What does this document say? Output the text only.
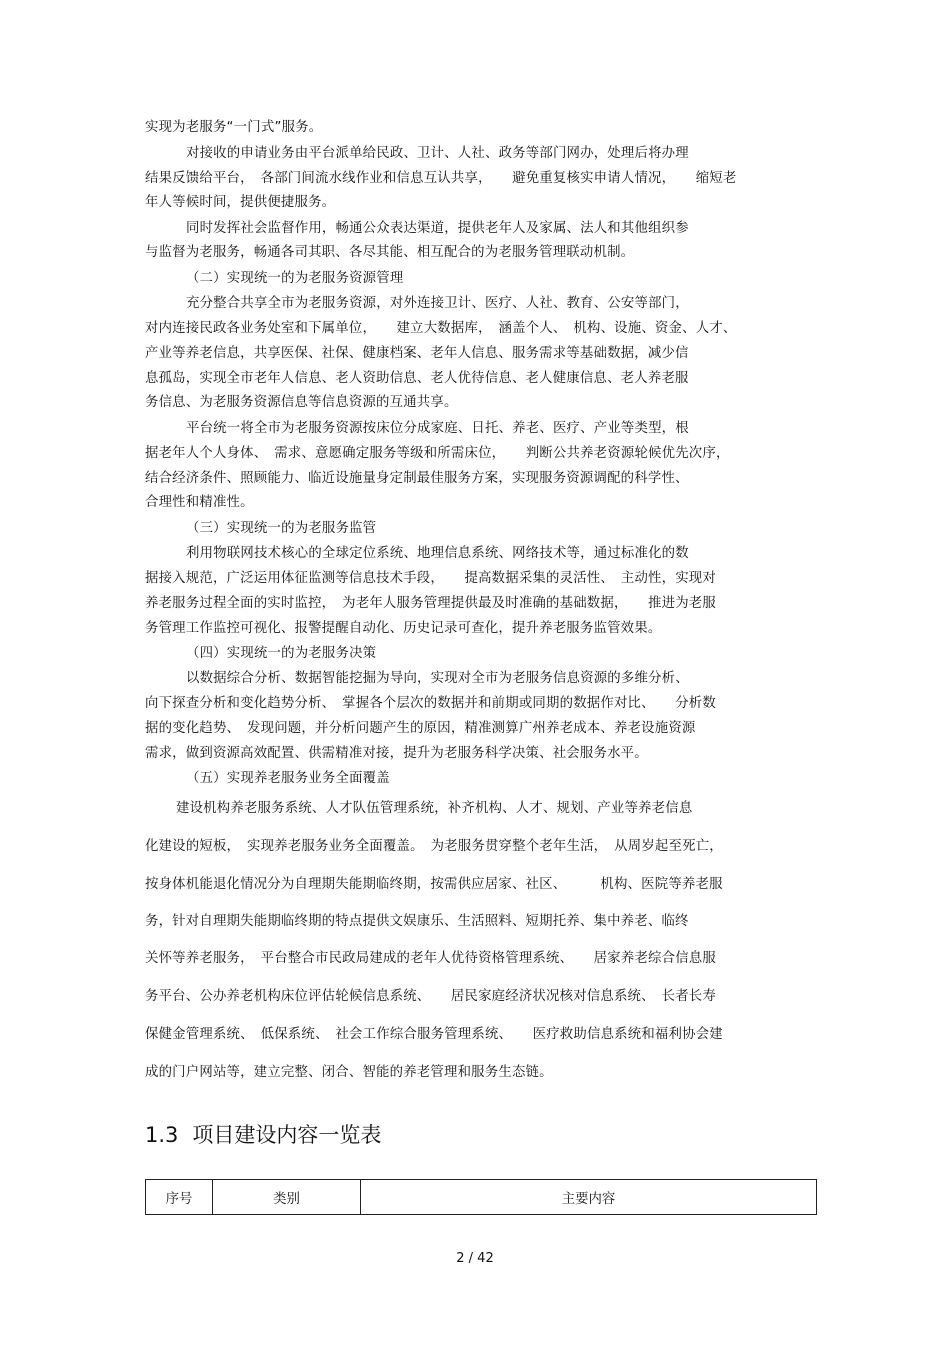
实现为老服务“一门式”服务。
对接收的申请业务由平台派单给民政、卫计、人社、政务等部门网办，处理后将办理
结果反馈给平台，　各部门间流水线作业和信息互认共享，　　避免重复核实申请人情况，　　缩短老
年人等候时间，提供便捷服务。
同时发挥社会监督作用，畅通公众表达渠道，提供老年人及家属、法人和其他组织参
与监督为老服务，畅通各司其职、各尽其能、相互配合的为老服务管理联动机制。
（二）实现统一的为老服务资源管理
充分整合共享全市为老服务资源，对外连接卫计、医疗、人社、教育、公安等部门，
对内连接民政各业务处室和下属单位，　　建立大数据库，　涵盖个人、　机构、设施、资金、人才、
产业等养老信息，共享医保、社保、健康档案、老年人信息、服务需求等基础数据，减少信
息孤岛，实现全市老年人信息、老人资助信息、老人优待信息、老人健康信息、老人养老服
务信息、为老服务资源信息等信息资源的互通共享。
平台统一将全市为老服务资源按床位分成家庭、日托、养老、医疗、产业等类型，根
据老年人个人身体、　需求、意愿确定服务等级和所需床位，　　判断公共养老资源轮候优先次序，
结合经济条件、照顾能力、临近设施量身定制最佳服务方案，实现服务资源调配的科学性、
合理性和精准性。
（三）实现统一的为老服务监管
利用物联网技术核心的全球定位系统、地理信息系统、网络技术等，通过标准化的数
据接入规范，广泛运用体征监测等信息技术手段，　　提高数据采集的灵活性、　主动性，实现对
养老服务过程全面的实时监控，　为老年人服务管理提供最及时准确的基础数据，　　推进为老服
务管理工作监控可视化、报警提醒自动化、历史记录可查化，提升养老服务监管效果。
（四）实现统一的为老服务决策
以数据综合分析、数据智能挖掘为导向，实现对全市为老服务信息资源的多维分析、
向下探查分析和变化趋势分析、　掌握各个层次的数据并和前期或同期的数据作对比、　　分析数
据的变化趋势、　发现问题，并分析问题产生的原因，精准测算广州养老成本、养老设施资源
需求，做到资源高效配置、供需精准对接，提升为老服务科学决策、社会服务水平。
（五）实现养老服务业务全面覆盖
建设机构养老服务系统、人才队伍管理系统，补齐机构、人才、规划、产业等养老信息
化建设的短板，　实现养老服务业务全面覆盖。　为老服务贯穿整个老年生活，　从周岁起至死亡，
按身体机能退化情况分为自理期失能期临终期，按需供应居家、社区、　　　机构、医院等养老服
务，针对自理期失能期临终期的特点提供文娱康乐、生活照料、短期托养、集中养老、临终
关怀等养老服务，　平台整合市民政局建成的老年人优待资格管理系统、　　居家养老综合信息服
务平台、公办养老机构床位评估轮候信息系统、　　居民家庭经济状况核对信息系统、　长者长寿
保健金管理系统、　低保系统、　社会工作综合服务管理系统、　　医疗救助信息系统和福利协会建
成的门户网站等，建立完整、闭合、智能的养老管理和服务生态链。
1.3 项目建设内容一览表
序号	类别	主要内容
2 / 42
